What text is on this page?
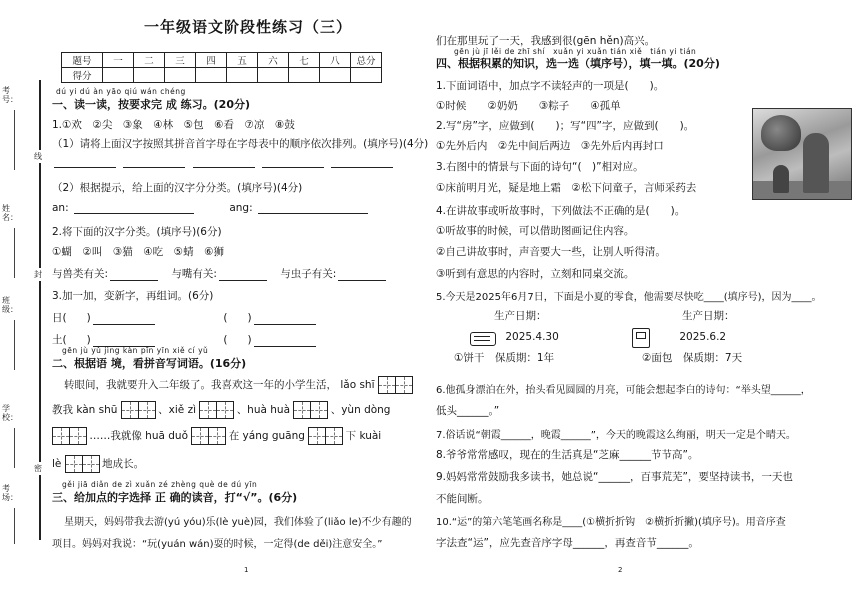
考号：
姓名：
班级：
学校：
考场：
线
封
密
一年级语文阶段性练习（三）
题号	一	二	三	四	五	六	七	八	总分
得分									
dú yi dú àn yāo qiú wán chéng
一、读一读，按要求完 成 练习。(20分)
1.①欢　②尖　③象　④林　⑤包　⑥看　⑦凉　⑧鼓
（1）请将上面汉字按照其拼音首字母在字母表中的顺序依次排列。(填序号)(4分)

（2）根据提示，给上面的汉字分分类。(填序号)(4分)
an:	ang:
2.将下面的汉字分类。(填序号)(6分)
①蝴　②叫　③猫　④吃　⑤蜻　⑥狮
与兽类有关:	与嘴有关:	与虫子有关:
3.加一加，变新字，再组词。(6分)
日( )	( )
土( )	( )
gēn jù yǔ jìng kàn pīn yīn xiě cí yǔ
二、根据语 境，看拼音写词语。(16分)
转眼间，我就要升入二年级了。我喜欢这一年的小学生活， lǎo shī
教我 kàn shū	、xiě zì	、huà huà	、yùn dòng
……我就像 huā duǒ	在 yáng guāng	下 kuài
lè	地成长。
gěi jiā diǎn de zì xuǎn zé zhèng què de dú yīn
三、给加点的字选择 正 确的读音，打“√”。(6分)
星期天，妈妈带我去游(yú yóu)乐(lè yuè)园，我们体验了(liǎo le)不少有趣的
项目。妈妈对我说：“玩(yuán wán)耍的时候，一定得(de děi)注意安全。”
1
们在那里玩了一天，我感到很(gēn hěn)高兴。
gēn jù jī lěi de zhī shí　xuǎn yi xuǎn tián xiě　tián yi tián
四、根据积累的知识，选一选（填序号），填一填。(20分)
1.下面词语中，加点字不读轻声的一项是(　　)。
①时候　　②奶奶　　③粽子　　④孤单
2.写“房”字，应做到(　　)；写“四”字，应做到(　　)。
①先外后内　②先中间后两边　③先外后内再封口
3.右图中的情景与下面的诗句“(　)”相对应。
①床前明月光，疑是地上霜　②松下问童子，言师采药去
4.在讲故事或听故事时，下列做法不正确的是(　　)。
①听故事的时候，可以借助图画记住内容。
②自己讲故事时，声音要大一些，让别人听得清。
③听到有意思的内容时，立刻和同桌交流。
5.今天是2025年6月7日，下面是小夏的零食，他需要尽快吃____(填序号)，因为____。
生产日期：	生产日期：
2025.4.30	2025.6.2
①饼干　保质期：1年	②面包　保质期：7天
6.他孤身漂泊在外，抬头看见圆圆的月亮，可能会想起李白的诗句：“举头望______，
低头______。”
7.俗话说“朝霞______，晚霞______”，今天的晚霞这么绚丽，明天一定是个晴天。
8.爷爷常常感叹，现在的生活真是“芝麻______节节高”。
9.妈妈常常鼓励我多读书，她总说“______，百事荒芜”，要坚持读书，一天也
不能间断。
10.“运”的第六笔笔画名称是____(①横折折钩　②横折折撇)(填序号)。用音序查
字法查“运”，应先查音序字母______，再查音节______。
2
